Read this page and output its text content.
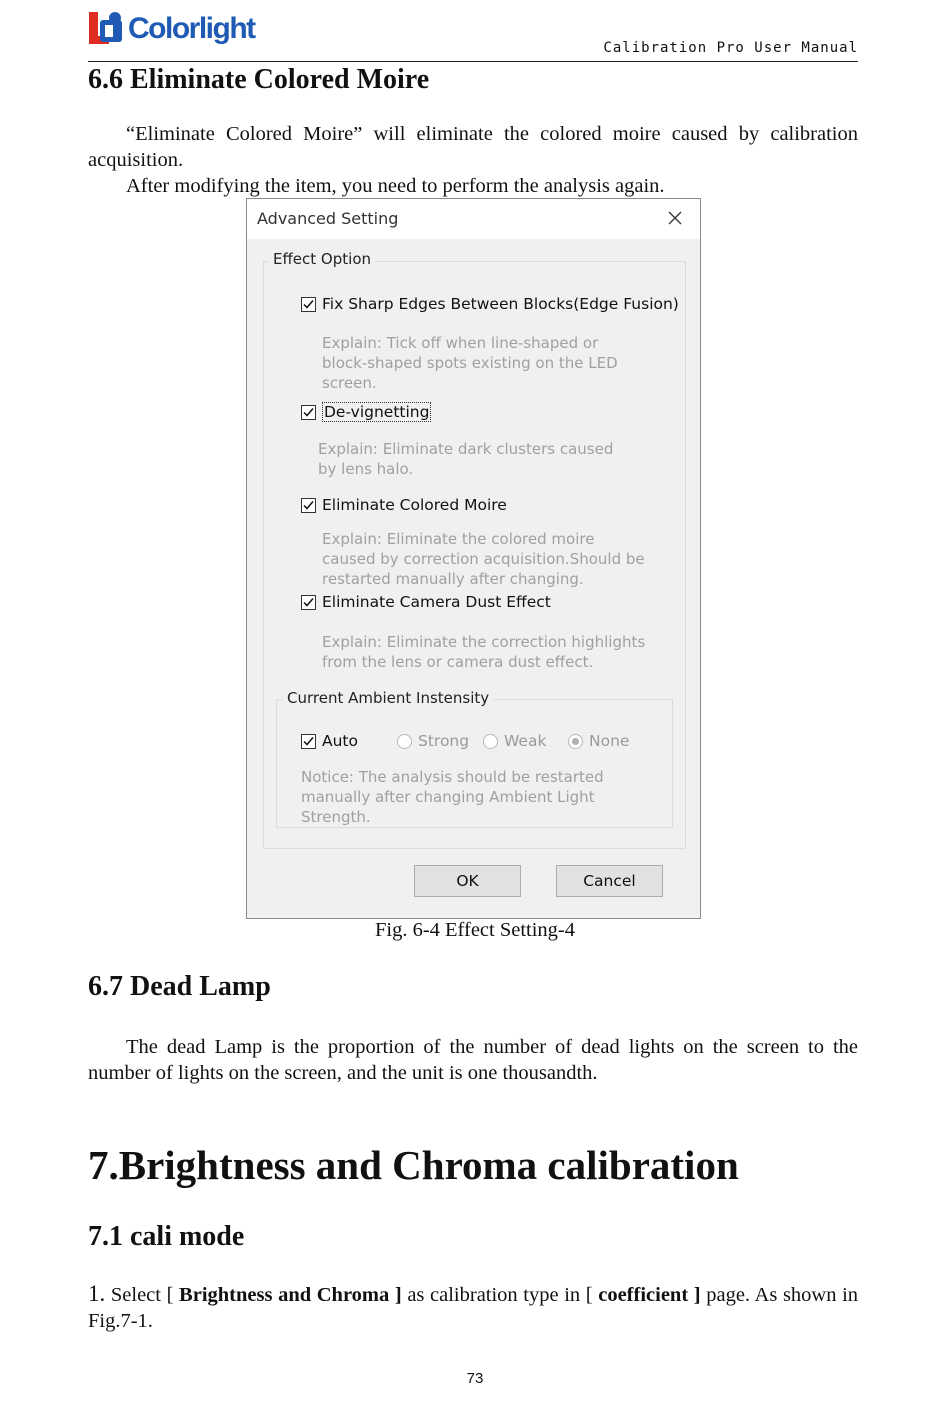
Colorlight
Calibration Pro User Manual
6.6 Eliminate Colored Moire

“Eliminate Colored Moire” will eliminate the colored moire caused by calibration acquisition.

After modifying the item, you need to perform the analysis again.

Advanced Setting
Effect Option
Fix Sharp Edges Between Blocks(Edge Fusion)

Explain: Tick off when line-shaped or block-shaped spots existing on the LED screen.

De-vignetting

Explain: Eliminate dark clusters caused by lens halo.

Eliminate Colored Moire

Explain: Eliminate the colored moire caused by correction acquisition.Should be restarted manually after changing.

Eliminate Camera Dust Effect

Explain: Eliminate the correction highlights from the lens or camera dust effect.

Current Ambient Instensity
Auto	Strong Weak	None

Notice: The analysis should be restarted manually after changing Ambient Light Strength.

OK	Cancel
Fig. 6-4 Effect Setting-4
6.7 Dead Lamp

The dead Lamp is the proportion of the number of dead lights on the screen to the number of lights on the screen, and the unit is one thousandth.

7.Brightness and Chroma calibration
7.1 cali mode

1. Select [ Brightness and Chroma ] as calibration type in [ coefficient ] page. As shown in Fig.7-1.

73
